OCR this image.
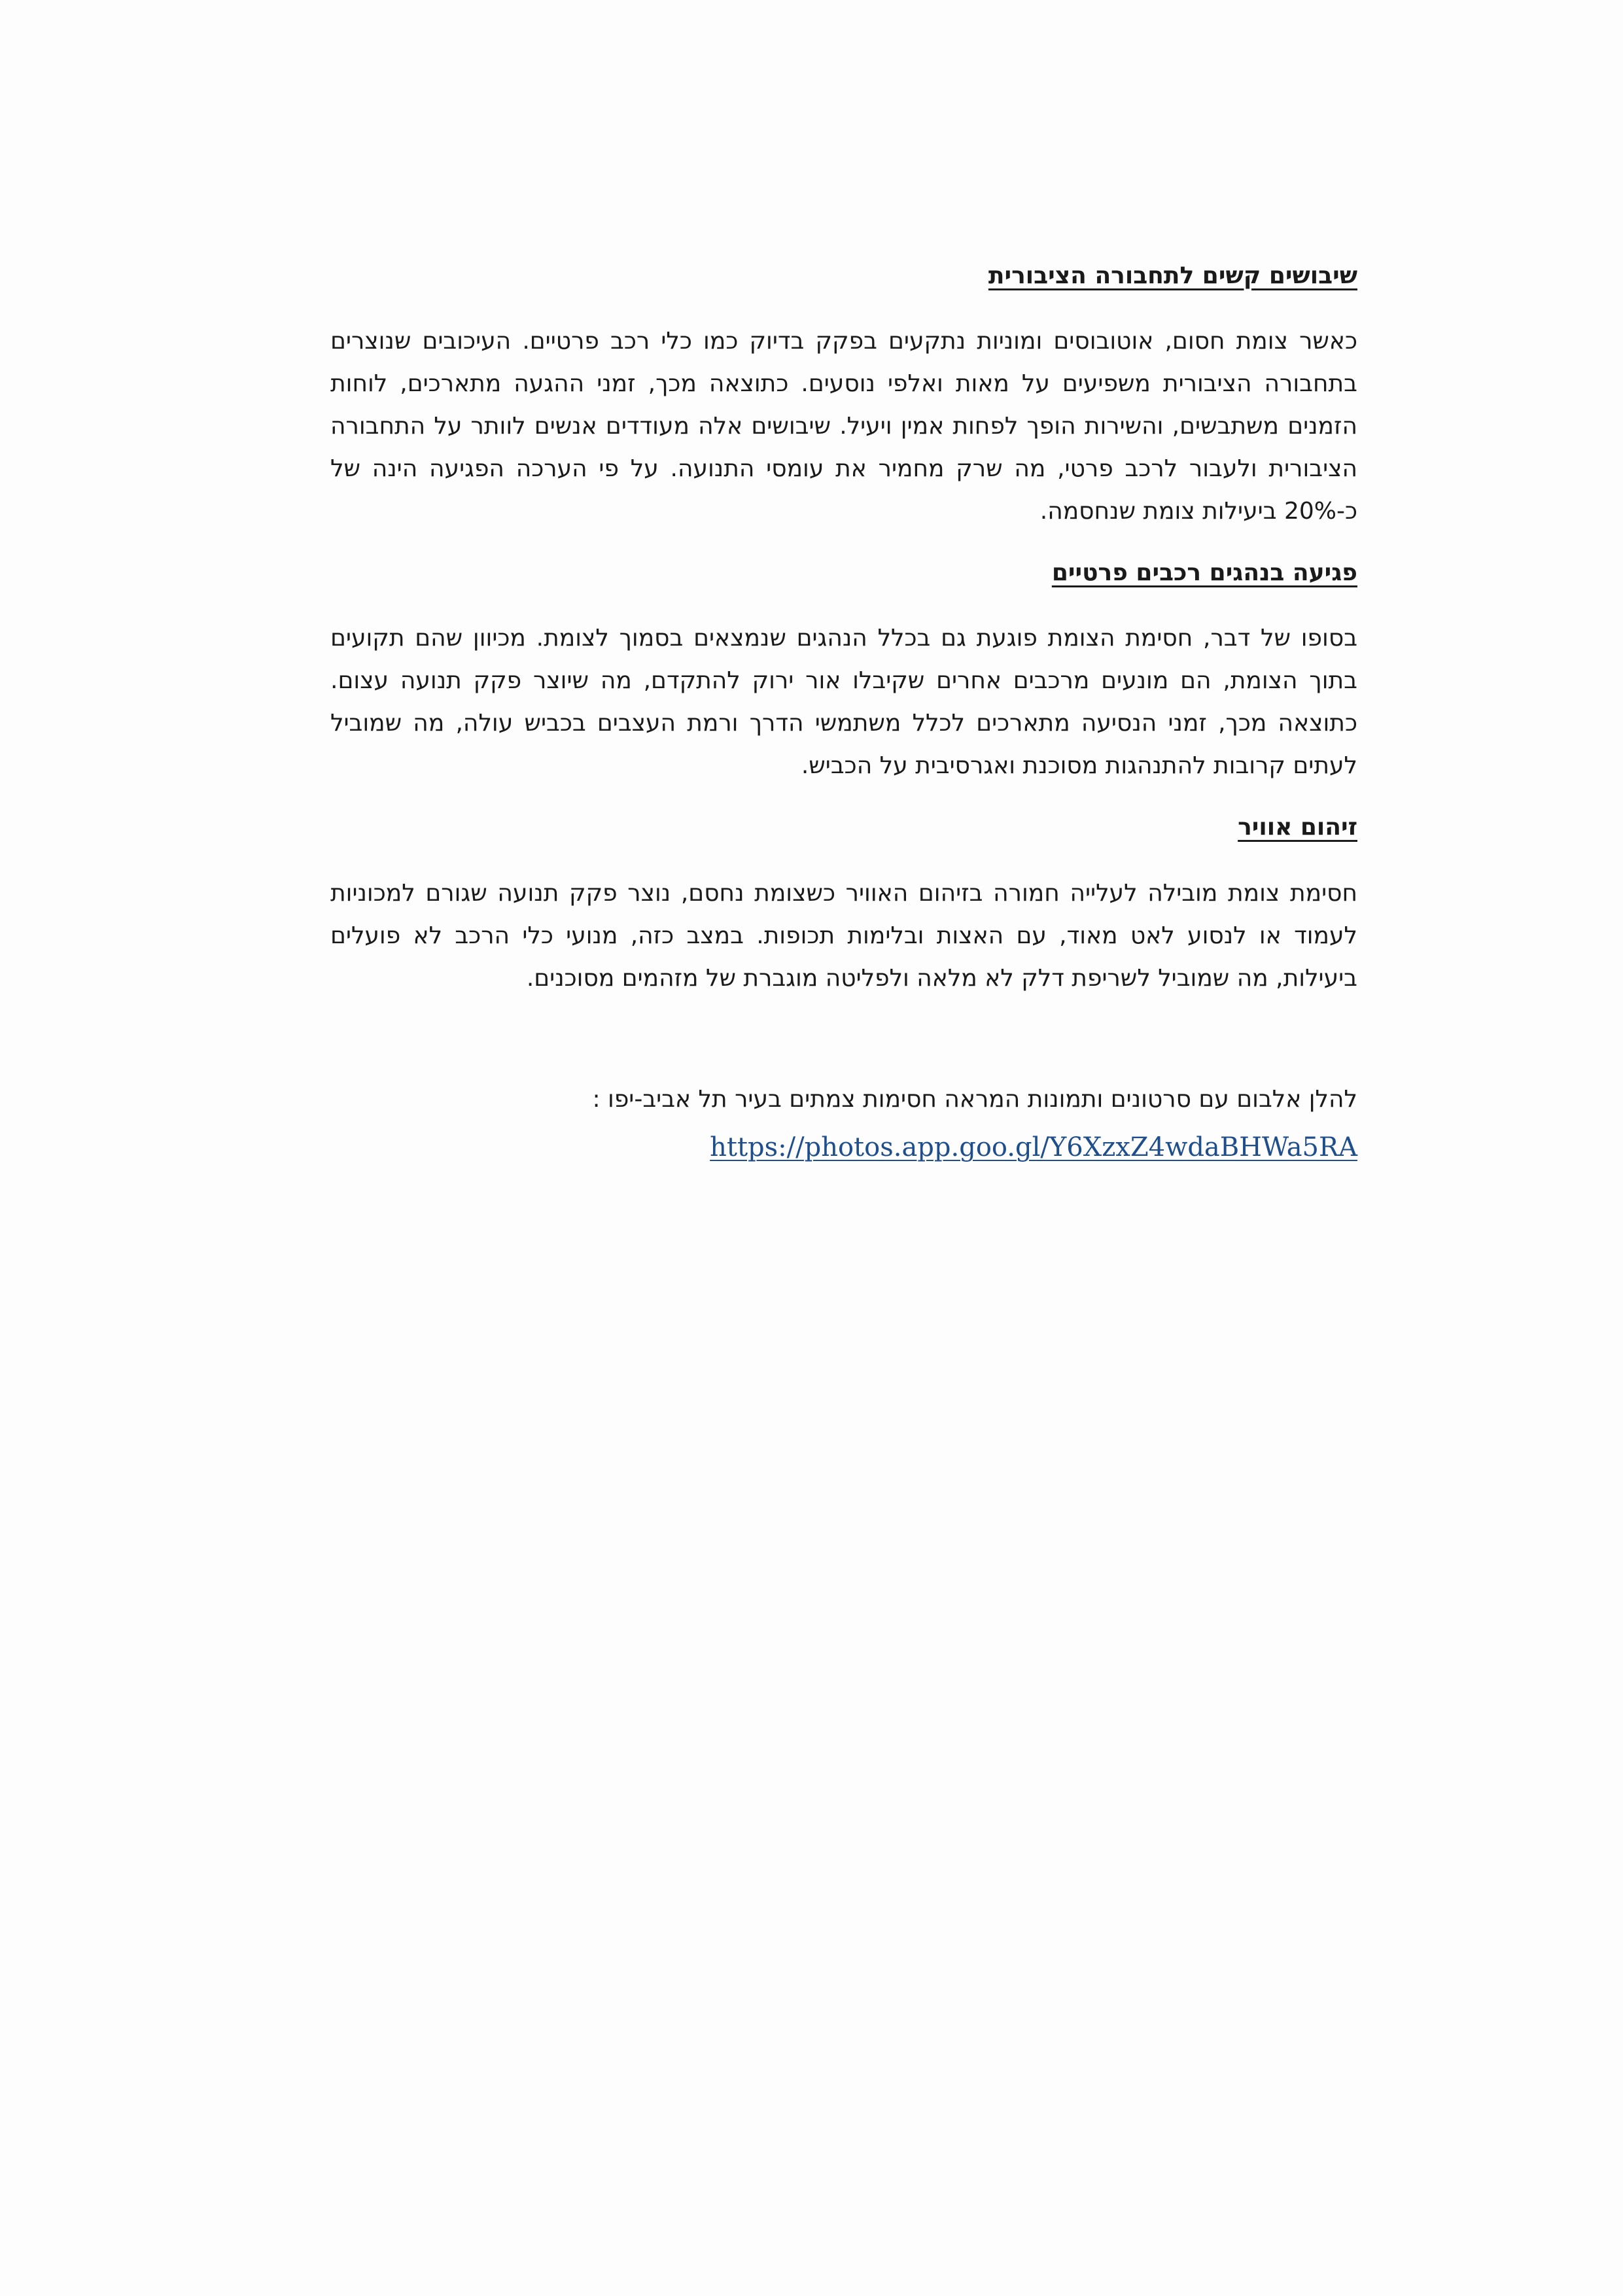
שיבושים קשים לתחבורה הציבורית

כאשר צומת חסום, אוטובוסים ומוניות נתקעים בפקק בדיוק כמו כלי רכב פרטיים. העיכובים שנוצרים בתחבורה הציבורית משפיעים על מאות ואלפי נוסעים. כתוצאה מכך, זמני ההגעה מתארכים, לוחות הזמנים משתבשים, והשירות הופך לפחות אמין ויעיל. שיבושים אלה מעודדים אנשים לוותר על התחבורה הציבורית ולעבור לרכב פרטי, מה שרק מחמיר את עומסי התנועה. על פי הערכה הפגיעה הינה של כ-20% ביעילות צומת שנחסמה.

פגיעה בנהגים רכבים פרטיים

בסופו של דבר, חסימת הצומת פוגעת גם בכלל הנהגים שנמצאים בסמוך לצומת. מכיוון שהם תקועים בתוך הצומת, הם מונעים מרכבים אחרים שקיבלו אור ירוק להתקדם, מה שיוצר פקק תנועה עצום. כתוצאה מכך, זמני הנסיעה מתארכים לכלל משתמשי הדרך ורמת העצבים בכביש עולה, מה שמוביל לעתים קרובות להתנהגות מסוכנת ואגרסיבית על הכביש.

זיהום אוויר

חסימת צומת מובילה לעלייה חמורה בזיהום האוויר כשצומת נחסם, נוצר פקק תנועה שגורם למכוניות לעמוד או לנסוע לאט מאוד, עם האצות ובלימות תכופות. במצב כזה, מנועי כלי הרכב לא פועלים ביעילות, מה שמוביל לשריפת דלק לא מלאה ולפליטה מוגברת של מזהמים מסוכנים.

להלן אלבום עם סרטונים ותמונות המראה חסימות צמתים בעיר תל אביב-יפו :

https://photos.app.goo.gl/Y6XzxZ4wdaBHWa5RA
